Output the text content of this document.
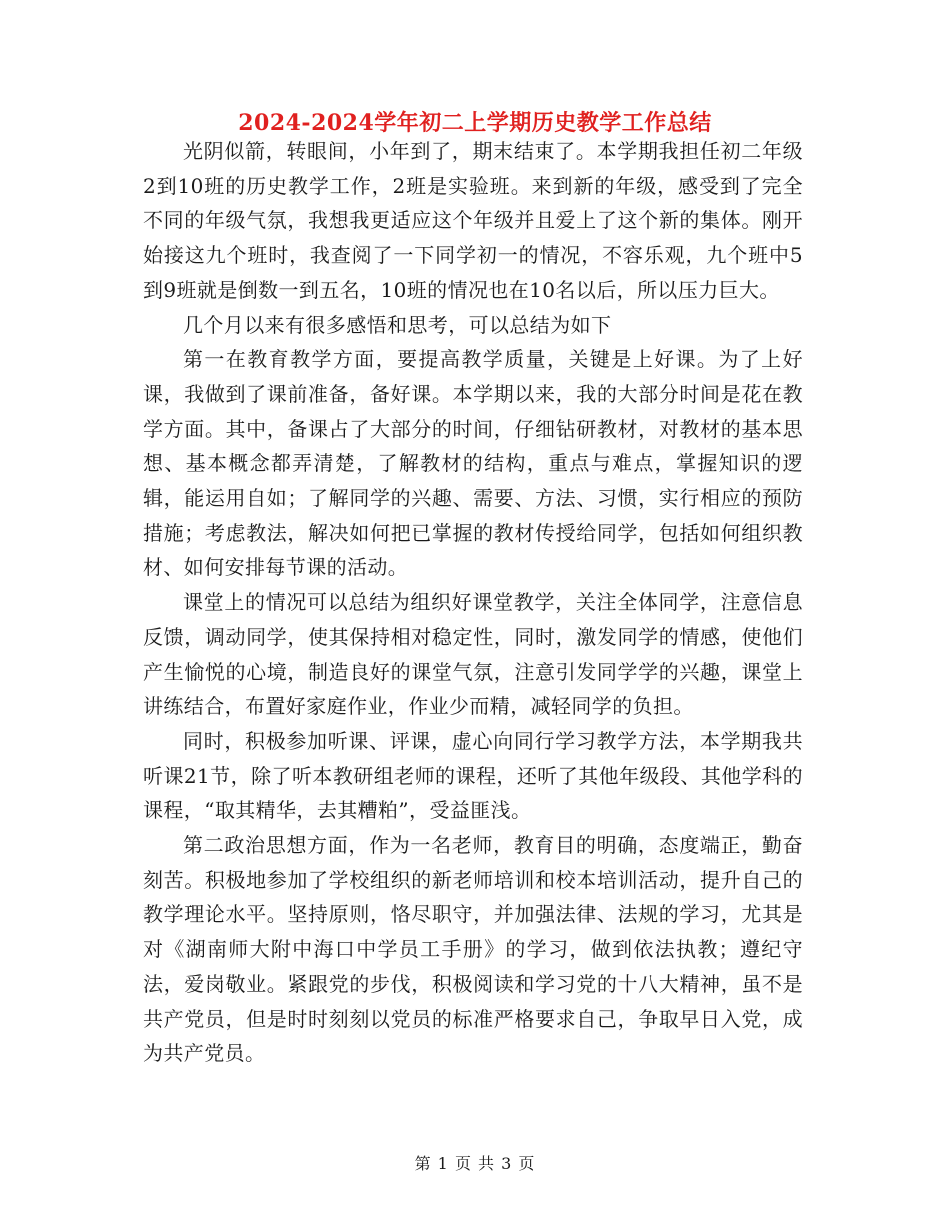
2024-2024学年初二上学期历史教学工作总结

光阴似箭，转眼间，小年到了，期末结束了。本学期我担任初二年级2到10班的历史教学工作，2班是实验班。来到新的年级，感受到了完全不同的年级气氛，我想我更适应这个年级并且爱上了这个新的集体。刚开始接这九个班时，我查阅了一下同学初一的情况，不容乐观，九个班中5到9班就是倒数一到五名，10班的情况也在10名以后，所以压力巨大。

几个月以来有很多感悟和思考，可以总结为如下

第一在教育教学方面，要提高教学质量，关键是上好课。为了上好课，我做到了课前准备，备好课。本学期以来，我的大部分时间是花在教学方面。其中，备课占了大部分的时间，仔细钻研教材，对教材的基本思想、基本概念都弄清楚，了解教材的结构，重点与难点，掌握知识的逻辑，能运用自如；了解同学的兴趣、需要、方法、习惯，实行相应的预防措施；考虑教法，解决如何把已掌握的教材传授给同学，包括如何组织教材、如何安排每节课的活动。

课堂上的情况可以总结为组织好课堂教学，关注全体同学，注意信息反馈，调动同学，使其保持相对稳定性，同时，激发同学的情感，使他们产生愉悦的心境，制造良好的课堂气氛，注意引发同学学的兴趣，课堂上讲练结合，布置好家庭作业，作业少而精，减轻同学的负担。

同时，积极参加听课、评课，虚心向同行学习教学方法，本学期我共听课21节，除了听本教研组老师的课程，还听了其他年级段、其他学科的课程，“取其精华，去其糟粕”，受益匪浅。

第二政治思想方面，作为一名老师，教育目的明确，态度端正，勤奋刻苦。积极地参加了学校组织的新老师培训和校本培训活动，提升自己的教学理论水平。坚持原则，恪尽职守，并加强法律、法规的学习，尤其是对《湖南师大附中海口中学员工手册》的学习，做到依法执教；遵纪守法，爱岗敬业。紧跟党的步伐，积极阅读和学习党的十八大精神，虽不是共产党员，但是时时刻刻以党员的标准严格要求自己，争取早日入党，成为共产党员。

第 1 页 共 3 页
